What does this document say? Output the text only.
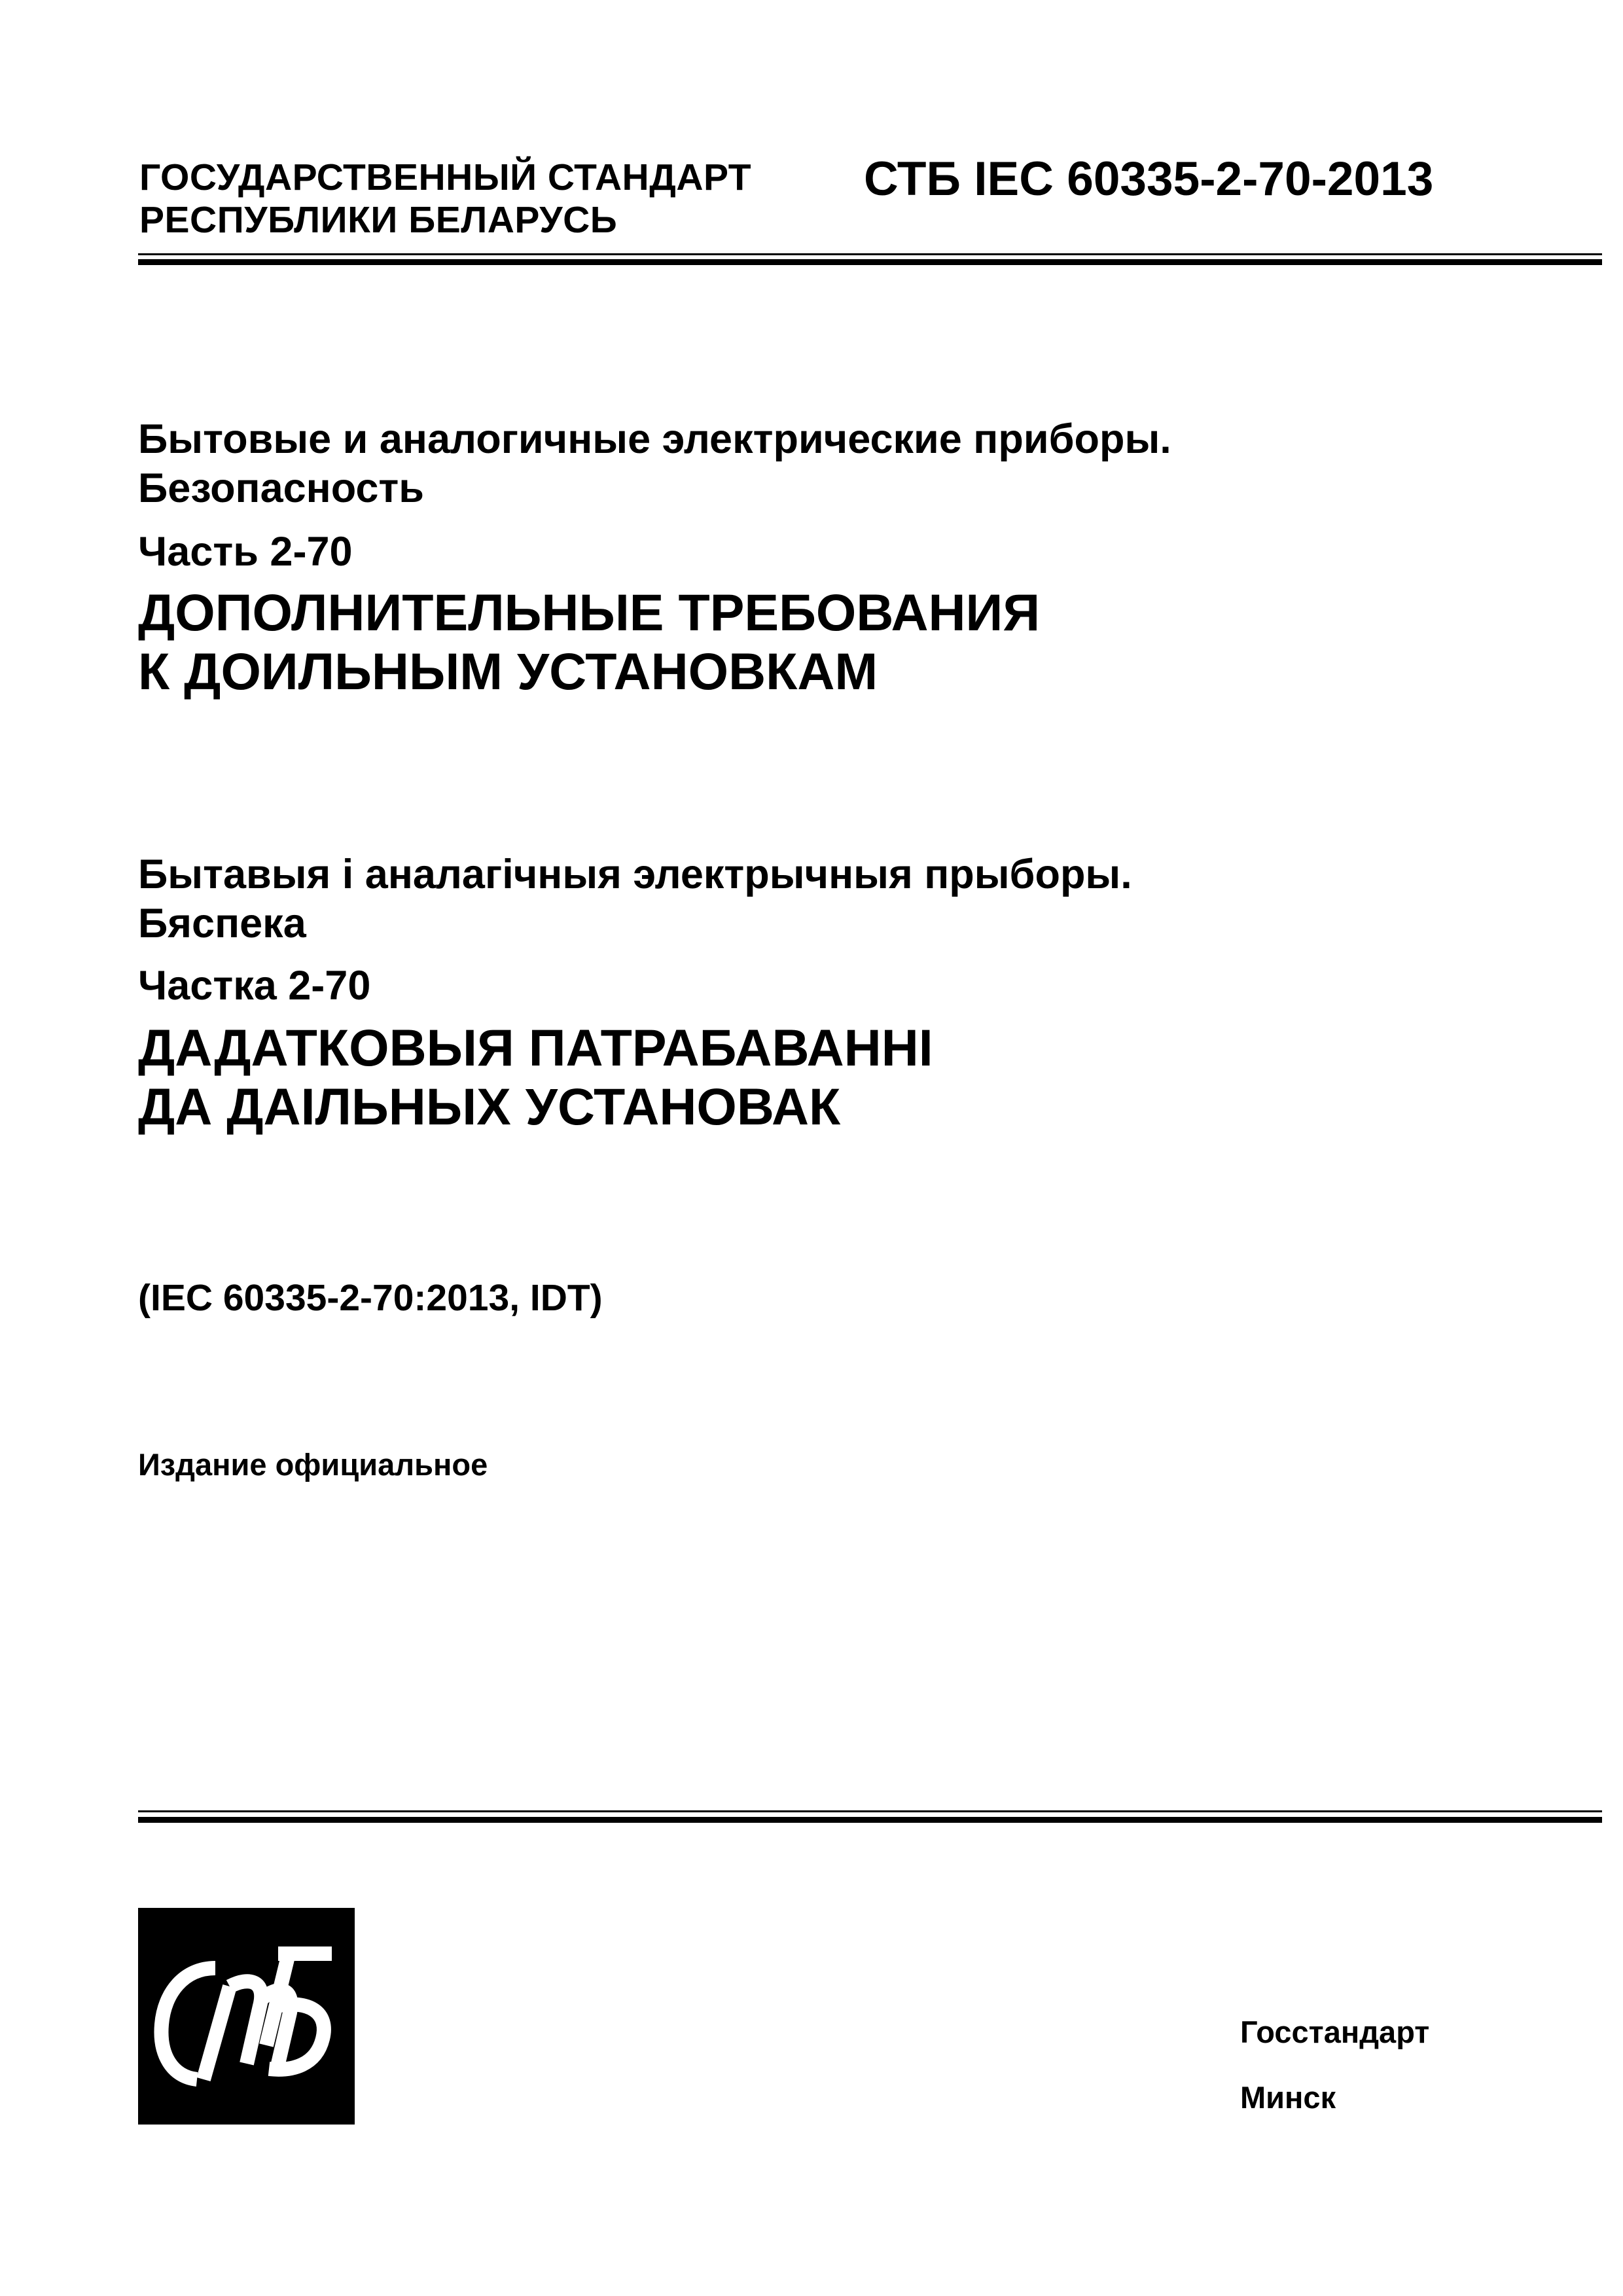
ГОСУДАРСТВЕННЫЙ СТАНДАРТ
РЕСПУБЛИКИ БЕЛАРУСЬ
СТБ IEC 60335-2-70-2013
Бытовые и аналогичные электрические приборы.
Безопасность
Часть 2-70
ДОПОЛНИТЕЛЬНЫЕ ТРЕБОВАНИЯ
К ДОИЛЬНЫМ УСТАНОВКАМ
Бытавыя і аналагічныя электрычныя прыборы.
Бяспека
Частка 2-70
ДАДАТКОВЫЯ ПАТРАБАВАННІ
ДА ДАІЛЬНЫХ УСТАНОВАК
(IEC 60335-2-70:2013, IDT)
Издание официальное
Госстандарт
Минск
